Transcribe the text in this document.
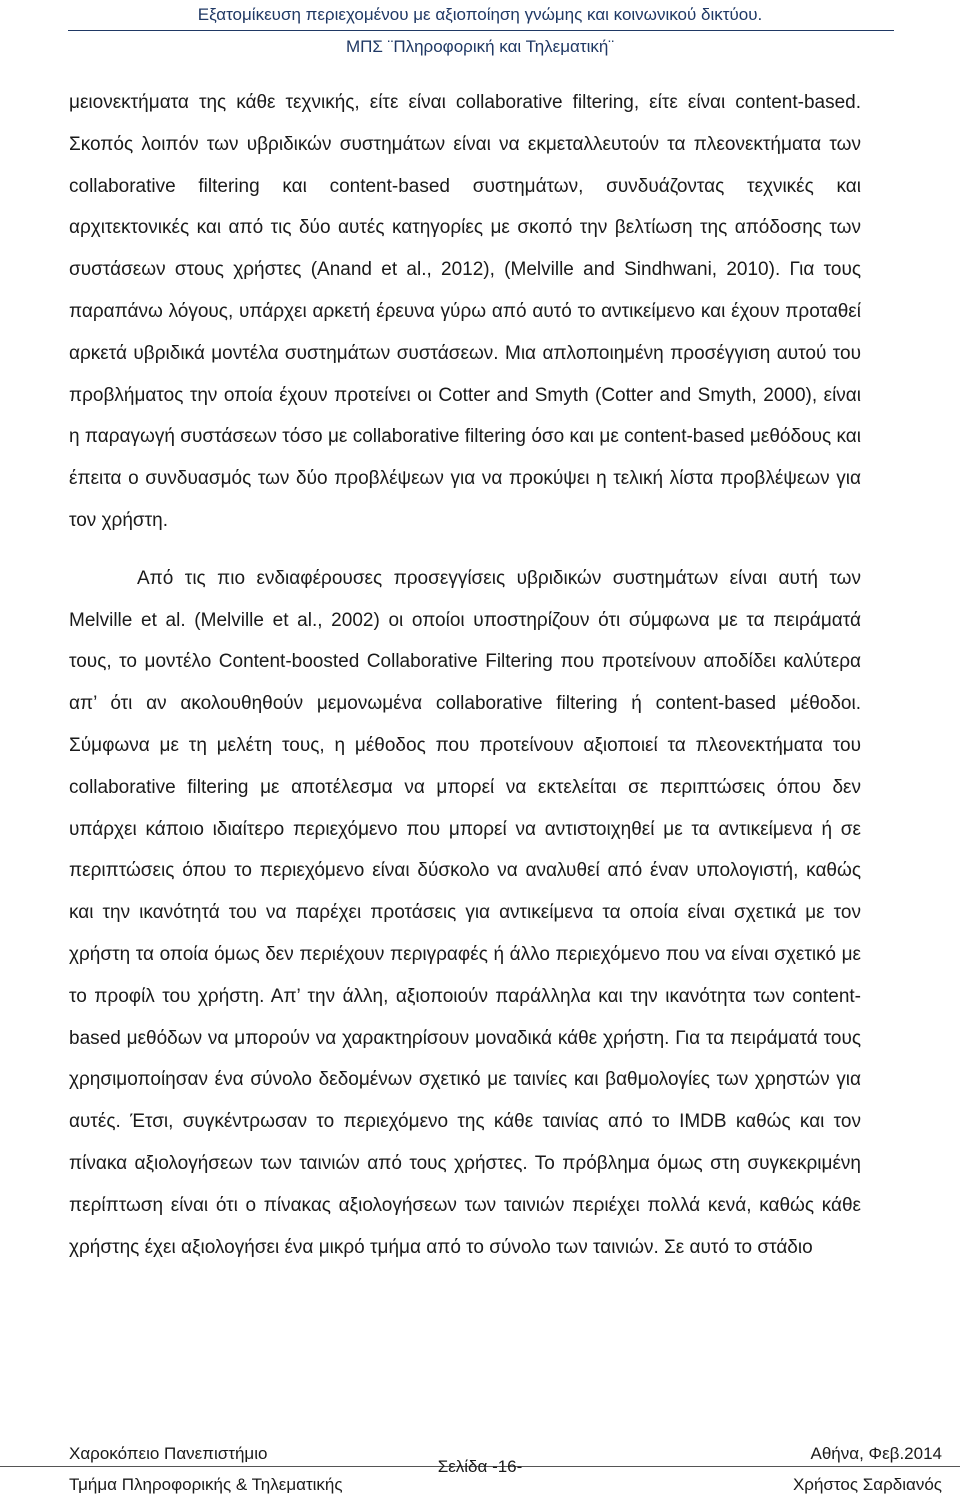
Εξατομίκευση περιεχομένου με αξιοποίηση γνώμης και κοινωνικού δικτύου.
ΜΠΣ ¨Πληροφορική και Τηλεματική¨

μειονεκτήματα της κάθε τεχνικής, είτε είναι collaborative filtering, είτε είναι content-based. Σκοπός λοιπόν των υβριδικών συστημάτων είναι να εκμεταλλευτούν τα πλεονεκτήματα των collaborative filtering και content-based συστημάτων, συνδυάζοντας τεχνικές και αρχιτεκτονικές και από τις δύο αυτές κατηγορίες με σκοπό την βελτίωση της απόδοσης των συστάσεων στους χρήστες (Anand et al., 2012), (Melville and Sindhwani, 2010). Για τους παραπάνω λόγους, υπάρχει αρκετή έρευνα γύρω από αυτό το αντικείμενο και έχουν προταθεί αρκετά υβριδικά μοντέλα συστημάτων συστάσεων. Μια απλοποιημένη προσέγγιση αυτού του προβλήματος την οποία έχουν προτείνει οι Cotter and Smyth (Cotter and Smyth, 2000), είναι η παραγωγή συστάσεων τόσο με collaborative filtering όσο και με content-based μεθόδους και έπειτα ο συνδυασμός των δύο προβλέψεων για να προκύψει η τελική λίστα προβλέψεων για τον χρήστη.

Από τις πιο ενδιαφέρουσες προσεγγίσεις υβριδικών συστημάτων είναι αυτή των Melville et al. (Melville et al., 2002) οι οποίοι υποστηρίζουν ότι σύμφωνα με τα πειράματά τους, το μοντέλο Content-boosted Collaborative Filtering που προτείνουν αποδίδει καλύτερα απ’ ότι αν ακολουθηθούν μεμονωμένα collaborative filtering ή content-based μέθοδοι. Σύμφωνα με τη μελέτη τους, η μέθοδος που προτείνουν αξιοποιεί τα πλεονεκτήματα του collaborative filtering με αποτέλεσμα να μπορεί να εκτελείται σε περιπτώσεις όπου δεν υπάρχει κάποιο ιδιαίτερο περιεχόμενο που μπορεί να αντιστοιχηθεί με τα αντικείμενα ή σε περιπτώσεις όπου το περιεχόμενο είναι δύσκολο να αναλυθεί από έναν υπολογιστή, καθώς και την ικανότητά του να παρέχει προτάσεις για αντικείμενα τα οποία είναι σχετικά με τον χρήστη τα οποία όμως δεν περιέχουν περιγραφές ή άλλο περιεχόμενο που να είναι σχετικό με το προφίλ του χρήστη. Απ’ την άλλη, αξιοποιούν παράλληλα και την ικανότητα των content-based μεθόδων να μπορούν να χαρακτηρίσουν μοναδικά κάθε χρήστη. Για τα πειράματά τους χρησιμοποίησαν ένα σύνολο δεδομένων σχετικό με ταινίες και βαθμολογίες των χρηστών για αυτές. Έτσι, συγκέντρωσαν το περιεχόμενο της κάθε ταινίας από το IMDB καθώς και τον πίνακα αξιολογήσεων των ταινιών από τους χρήστες. Το πρόβλημα όμως στη συγκεκριμένη περίπτωση είναι ότι ο πίνακας αξιολογήσεων των ταινιών περιέχει πολλά κενά, καθώς κάθε χρήστης έχει αξιολογήσει ένα μικρό τμήμα από το σύνολο των ταινιών. Σε αυτό το στάδιο

Χαροκόπειο Πανεπιστήμιο
Τμήμα Πληροφορικής & Τηλεματικής
Σελίδα -16-
Αθήνα, Φεβ.2014
Χρήστος Σαρδιανός
